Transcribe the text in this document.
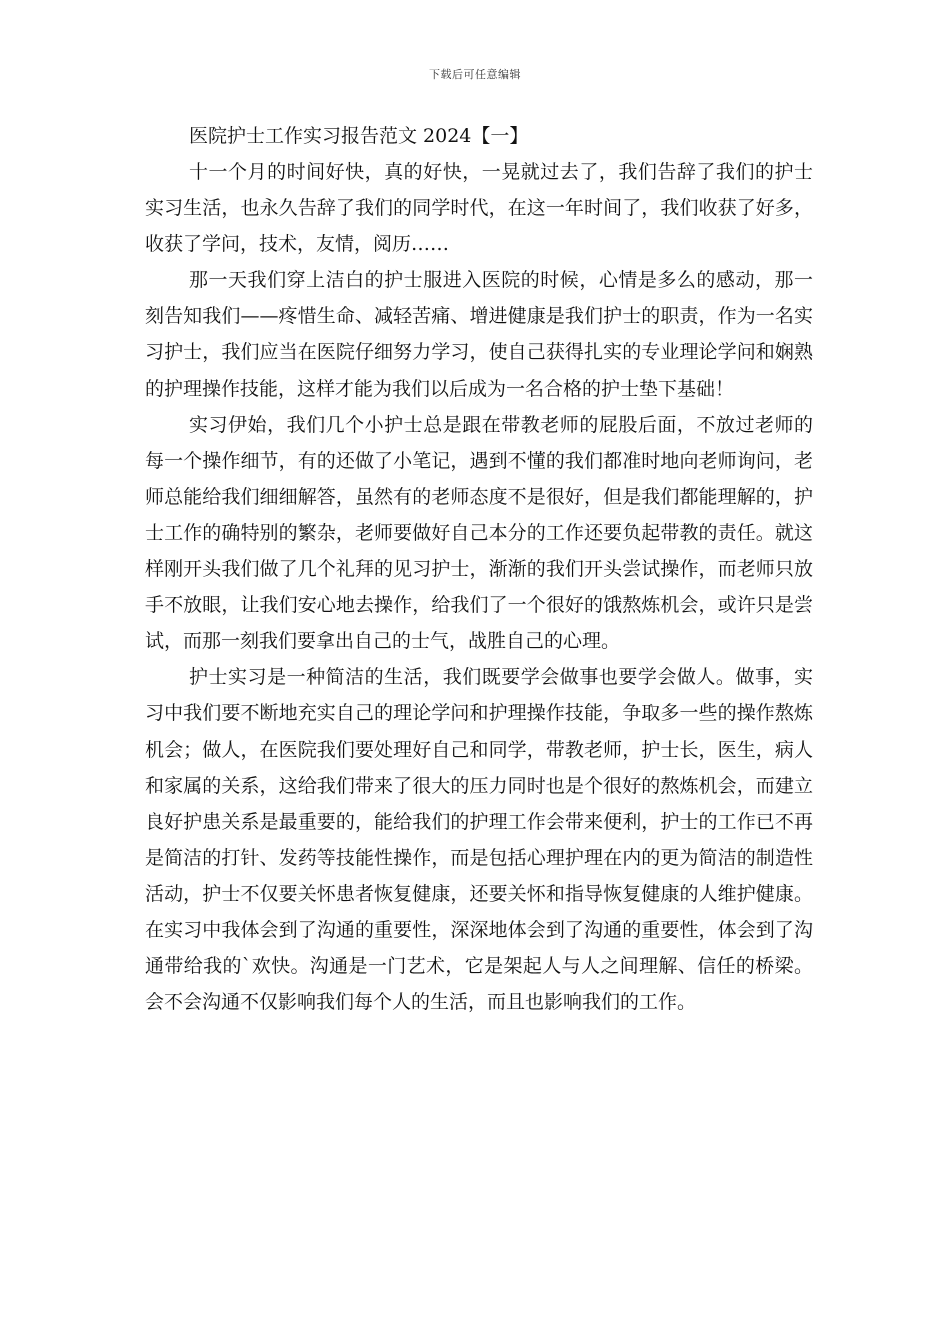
下载后可任意编辑

医院护士工作实习报告范文 2024【一】

十一个月的时间好快，真的好快，一晃就过去了，我们告辞了我们的护士实习生活，也永久告辞了我们的同学时代，在这一年时间了，我们收获了好多，收获了学问，技术，友情，阅历……

那一天我们穿上洁白的护士服进入医院的时候，心情是多么的感动，那一刻告知我们——疼惜生命、减轻苦痛、增进健康是我们护士的职责，作为一名实习护士，我们应当在医院仔细努力学习，使自己获得扎实的专业理论学问和娴熟的护理操作技能，这样才能为我们以后成为一名合格的护士垫下基础！

实习伊始，我们几个小护士总是跟在带教老师的屁股后面，不放过老师的每一个操作细节，有的还做了小笔记，遇到不懂的我们都准时地向老师询问，老师总能给我们细细解答，虽然有的老师态度不是很好，但是我们都能理解的，护士工作的确特别的繁杂，老师要做好自己本分的工作还要负起带教的责任。就这样刚开头我们做了几个礼拜的见习护士，渐渐的我们开头尝试操作，而老师只放手不放眼，让我们安心地去操作，给我们了一个很好的饿熬炼机会，或许只是尝试，而那一刻我们要拿出自己的士气，战胜自己的心理。

护士实习是一种简洁的生活，我们既要学会做事也要学会做人。做事，实习中我们要不断地充实自己的理论学问和护理操作技能，争取多一些的操作熬炼机会；做人，在医院我们要处理好自己和同学，带教老师，护士长，医生，病人和家属的关系，这给我们带来了很大的压力同时也是个很好的熬炼机会，而建立良好护患关系是最重要的，能给我们的护理工作会带来便利，护士的工作已不再是简洁的打针、发药等技能性操作，而是包括心理护理在内的更为简洁的制造性活动，护士不仅要关怀患者恢复健康，还要关怀和指导恢复健康的人维护健康。在实习中我体会到了沟通的重要性，深深地体会到了沟通的重要性，体会到了沟通带给我的`欢快。沟通是一门艺术，它是架起人与人之间理解、信任的桥梁。会不会沟通不仅影响我们每个人的生活，而且也影响我们的工作。
